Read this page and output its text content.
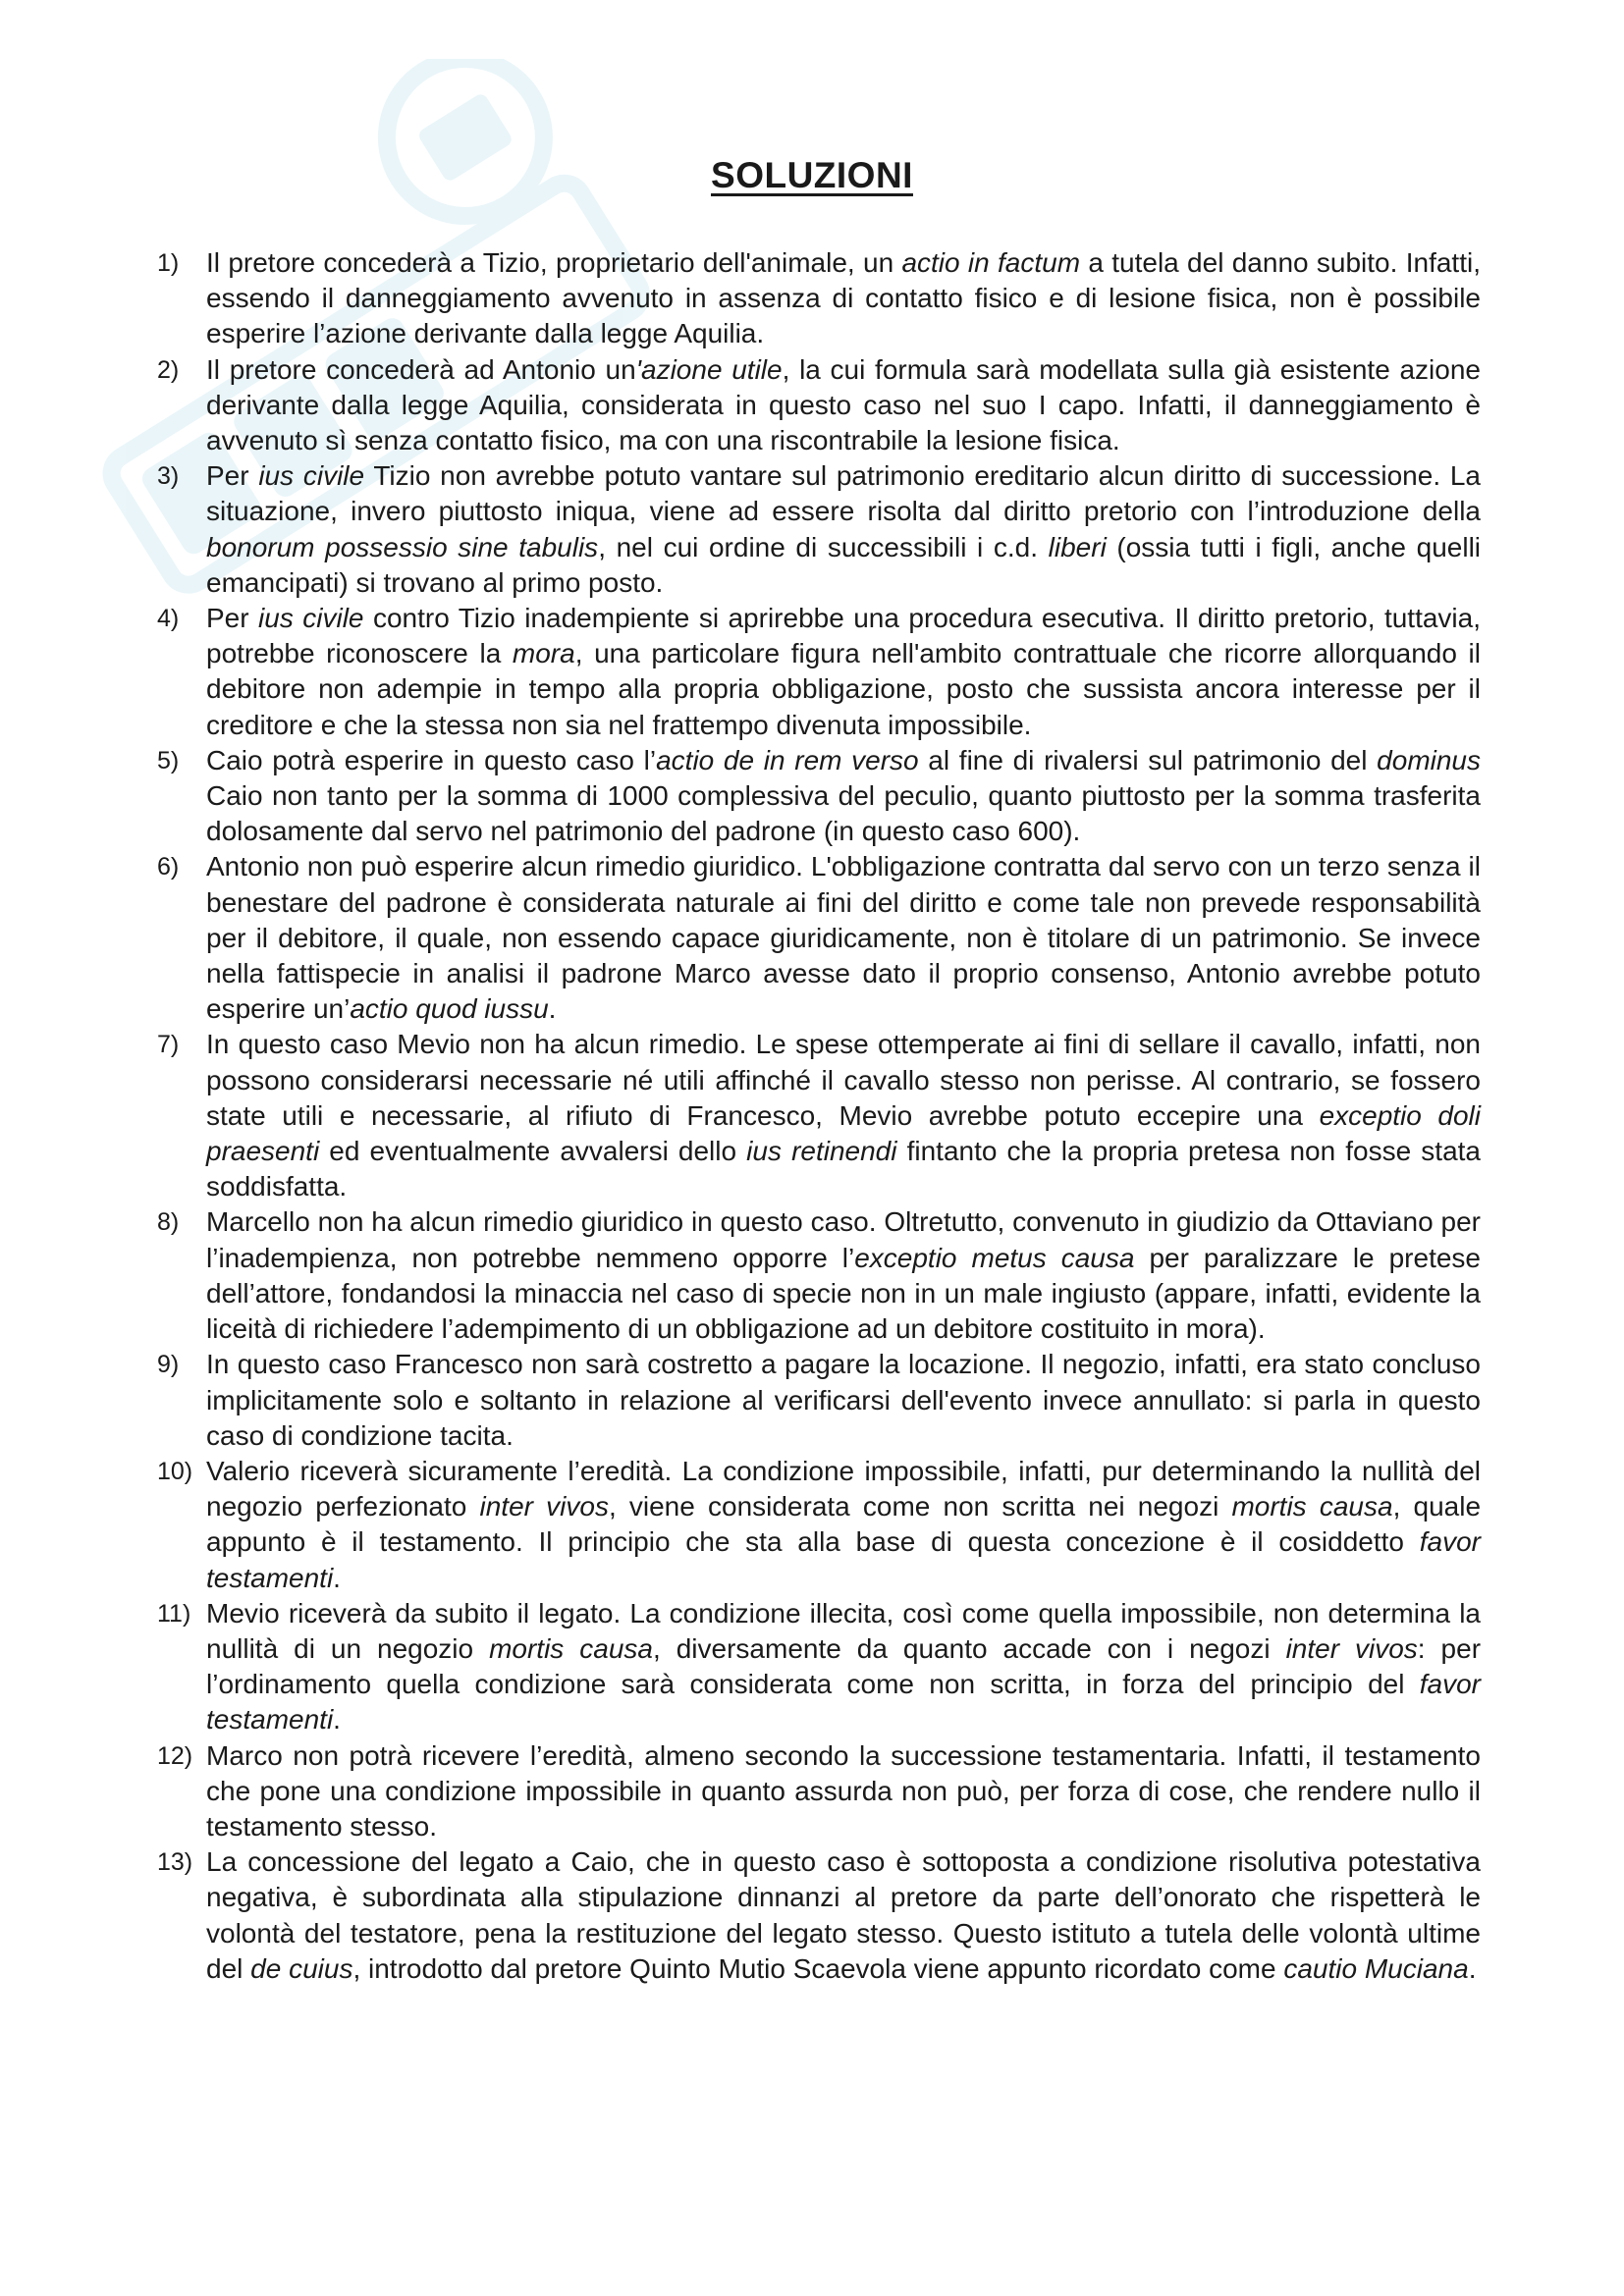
SOLUZIONI
1) Il pretore concederà a Tizio, proprietario dell'animale, un actio in factum a tutela del danno subito. Infatti, essendo il danneggiamento avvenuto in assenza di contatto fisico e di lesione fisica, non è possibile esperire l’azione derivante dalla legge Aquilia.
2) Il pretore concederà ad Antonio un'azione utile, la cui formula sarà modellata sulla già esistente azione derivante dalla legge Aquilia, considerata in questo caso nel suo I capo. Infatti, il danneggiamento è avvenuto sì senza contatto fisico, ma con una riscontrabile la lesione fisica.
3) Per ius civile Tizio non avrebbe potuto vantare sul patrimonio ereditario alcun diritto di successione. La situazione, invero piuttosto iniqua, viene ad essere risolta dal diritto pretorio con l’introduzione della bonorum possessio sine tabulis, nel cui ordine di successibili i c.d. liberi (ossia tutti i figli, anche quelli emancipati) si trovano al primo posto.
4) Per ius civile contro Tizio inadempiente si aprirebbe una procedura esecutiva. Il diritto pretorio, tuttavia, potrebbe riconoscere la mora, una particolare figura nell'ambito contrattuale che ricorre allorquando il debitore non adempie in tempo alla propria obbligazione, posto che sussista ancora interesse per il creditore e che la stessa non sia nel frattempo divenuta impossibile.
5) Caio potrà esperire in questo caso l’actio de in rem verso al fine di rivalersi sul patrimonio del dominus Caio non tanto per la somma di 1000 complessiva del peculio, quanto piuttosto per la somma trasferita dolosamente dal servo nel patrimonio del padrone (in questo caso 600).
6) Antonio non può esperire alcun rimedio giuridico. L'obbligazione contratta dal servo con un terzo senza il benestare del padrone è considerata naturale ai fini del diritto e come tale non prevede responsabilità per il debitore, il quale, non essendo capace giuridicamente, non è titolare di un patrimonio. Se invece nella fattispecie in analisi il padrone Marco avesse dato il proprio consenso, Antonio avrebbe potuto esperire un’actio quod iussu.
7) In questo caso Mevio non ha alcun rimedio. Le spese ottemperate ai fini di sellare il cavallo, infatti, non possono considerarsi necessarie né utili affinché il cavallo stesso non perisse. Al contrario, se fossero state utili e necessarie, al rifiuto di Francesco, Mevio avrebbe potuto eccepire una exceptio doli praesenti ed eventualmente avvalersi dello ius retinendi fintanto che la propria pretesa non fosse stata soddisfatta.
8) Marcello non ha alcun rimedio giuridico in questo caso. Oltretutto, convenuto in giudizio da Ottaviano per l’inadempienza, non potrebbe nemmeno opporre l’exceptio metus causa per paralizzare le pretese dell’attore, fondandosi la minaccia nel caso di specie non in un male ingiusto (appare, infatti, evidente la liceità di richiedere l’adempimento di un obbligazione ad un debitore costituito in mora).
9) In questo caso Francesco non sarà costretto a pagare la locazione. Il negozio, infatti, era stato concluso implicitamente solo e soltanto in relazione al verificarsi dell'evento invece annullato: si parla in questo caso di condizione tacita.
10) Valerio riceverà sicuramente l’eredità. La condizione impossibile, infatti, pur determinando la nullità del negozio perfezionato inter vivos, viene considerata come non scritta nei negozi mortis causa, quale appunto è il testamento. Il principio che sta alla base di questa concezione è il cosiddetto favor testamenti.
11) Mevio riceverà da subito il legato. La condizione illecita, così come quella impossibile, non determina la nullità di un negozio mortis causa, diversamente da quanto accade con i negozi inter vivos: per l’ordinamento quella condizione sarà considerata come non scritta, in forza del principio del favor testamenti.
12) Marco non potrà ricevere l’eredità, almeno secondo la successione testamentaria. Infatti, il testamento che pone una condizione impossibile in quanto assurda non può, per forza di cose, che rendere nullo il testamento stesso.
13) La concessione del legato a Caio, che in questo caso è sottoposta a condizione risolutiva potestativa negativa, è subordinata alla stipulazione dinnanzi al pretore da parte dell’onorato che rispetterà le volontà del testatore, pena la restituzione del legato stesso. Questo istituto a tutela delle volontà ultime del de cuius, introdotto dal pretore Quinto Mutio Scaevola viene appunto ricordato come cautio Muciana.
